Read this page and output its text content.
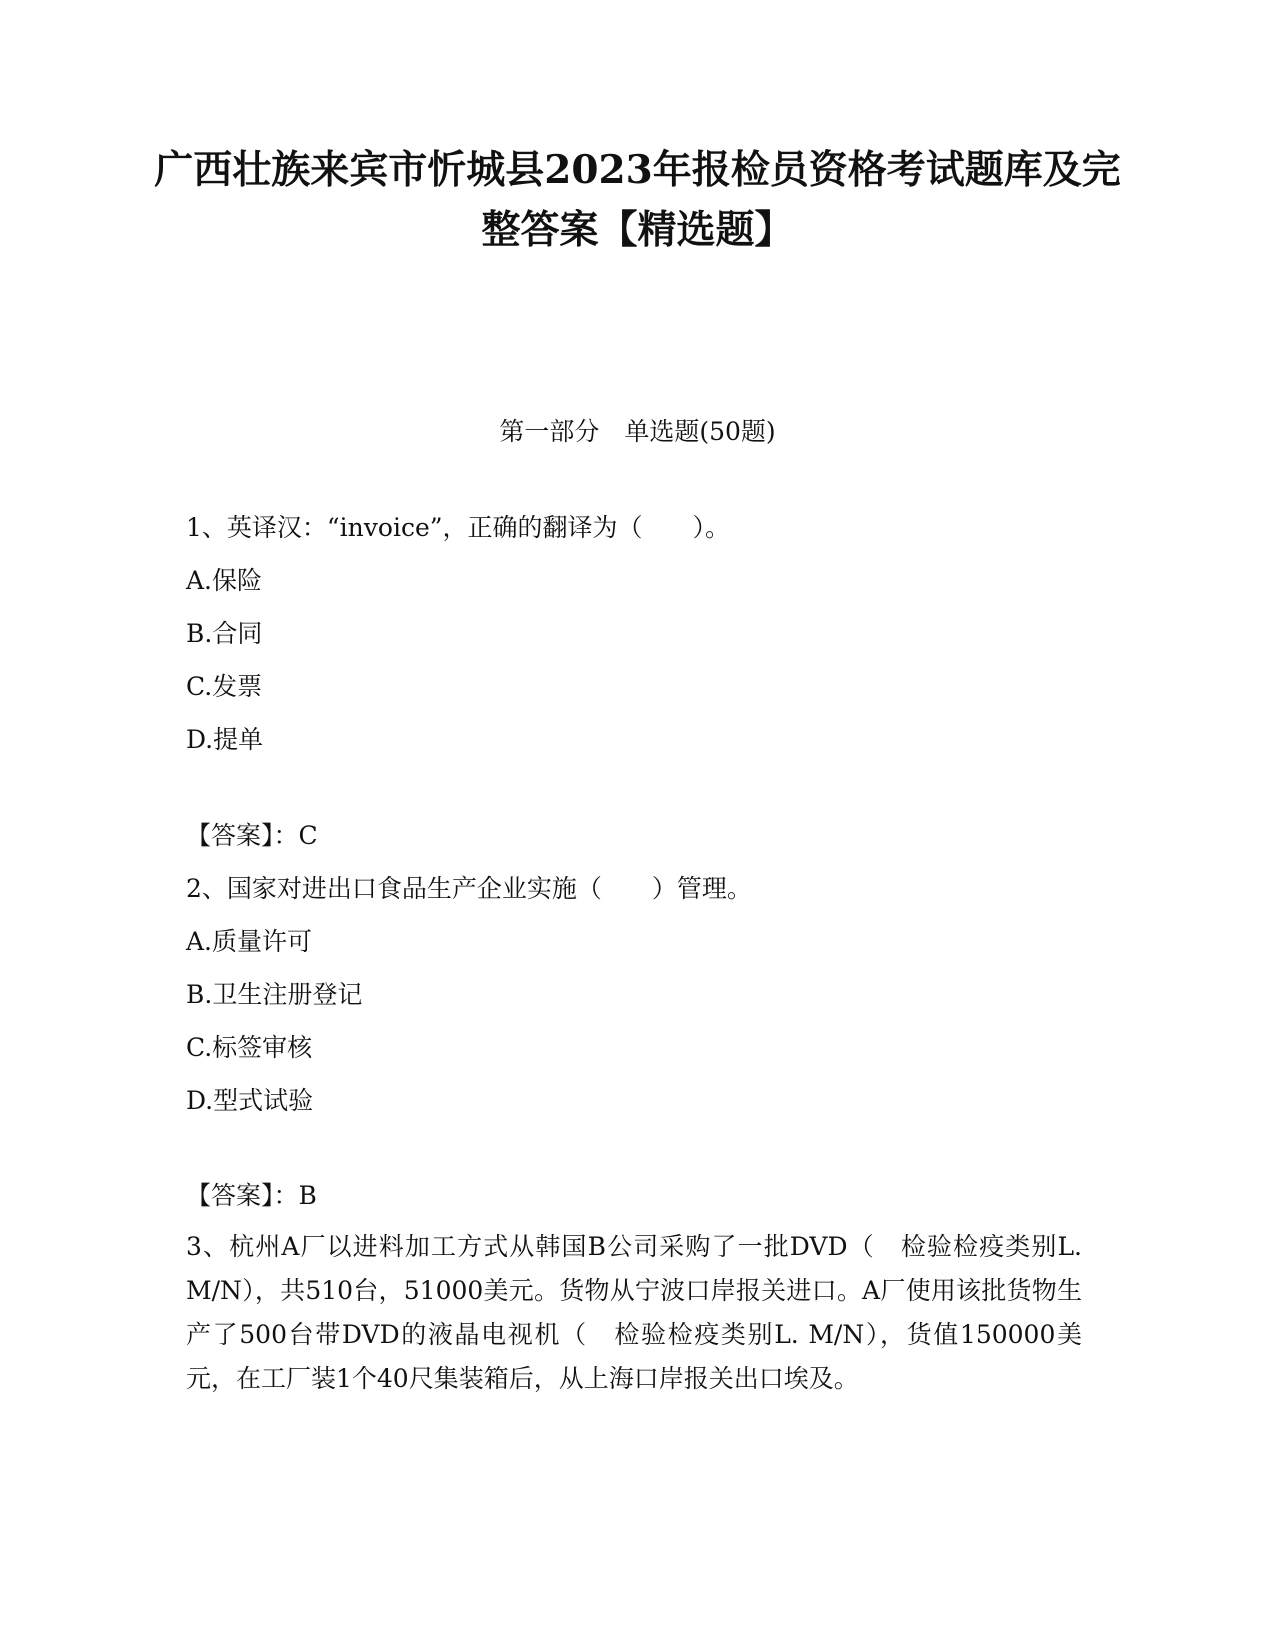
广西壮族来宾市忻城县2023年报检员资格考试题库及完整答案【精选题】
第一部分　单选题(50题)
1、英译汉：“invoice”，正确的翻译为（　　）。
A.保险
B.合同
C.发票
D.提单
【答案】：C
2、国家对进出口食品生产企业实施（　　）管理。
A.质量许可
B.卫生注册登记
C.标签审核
D.型式试验
【答案】：B

3、杭州A厂以进料加工方式从韩国B公司采购了一批DVD（　检验检疫类别L. M/N），共510台，51000美元。货物从宁波口岸报关进口。A厂使用该批货物生产了500台带DVD的液晶电视机（　检验检疫类别L. M/N），货值150000美元，在工厂装1个40尺集装箱后，从上海口岸报关出口埃及。
